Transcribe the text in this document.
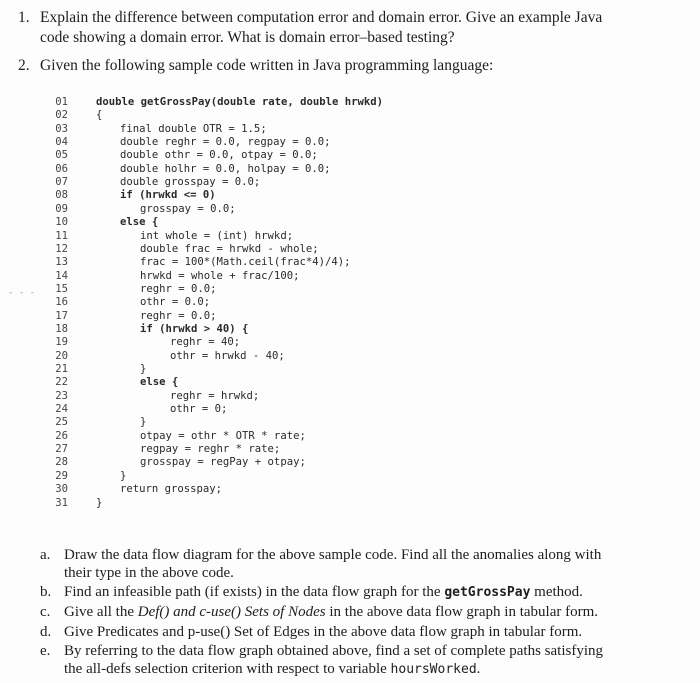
1. Explain the difference between computation error and domain error. Give an example Java
code showing a domain error. What is domain error–based testing?
2. Given the following sample code written in Java programming language:
01	double getGrossPay(double rate, double hrwkd)
02	{
03	final double OTR = 1.5;
04	double reghr = 0.0, regpay = 0.0;
05	double othr = 0.0, otpay = 0.0;
06	double holhr = 0.0, holpay = 0.0;
07	double grosspay = 0.0;
08	if (hrwkd <= 0)
09	grosspay = 0.0;
10	else {
11	int whole = (int) hrwkd;
12	double frac = hrwkd - whole;
13	frac = 100*(Math.ceil(frac*4)/4);
14	hrwkd = whole + frac/100;
15	reghr = 0.0;
16	othr = 0.0;
17	reghr = 0.0;
18	if (hrwkd > 40) {
19	reghr = 40;
20	othr = hrwkd - 40;
21	}
22	else {
23	reghr = hrwkd;
24	othr = 0;
25	}
26	otpay = othr * OTR * rate;
27	regpay = reghr * rate;
28	grosspay = regPay + otpay;
29	}
30	return grosspay;
31	}
- - -
a. Draw the data flow diagram for the above sample code. Find all the anomalies along with
their type in the above code.
b. Find an infeasible path (if exists) in the data flow graph for the getGrossPay method.
c. Give all the Def() and c-use() Sets of Nodes in the above data flow graph in tabular form.
d. Give Predicates and p-use() Set of Edges in the above data flow graph in tabular form.
e. By referring to the data flow graph obtained above, find a set of complete paths satisfying
the all-defs selection criterion with respect to variable hoursWorked.
